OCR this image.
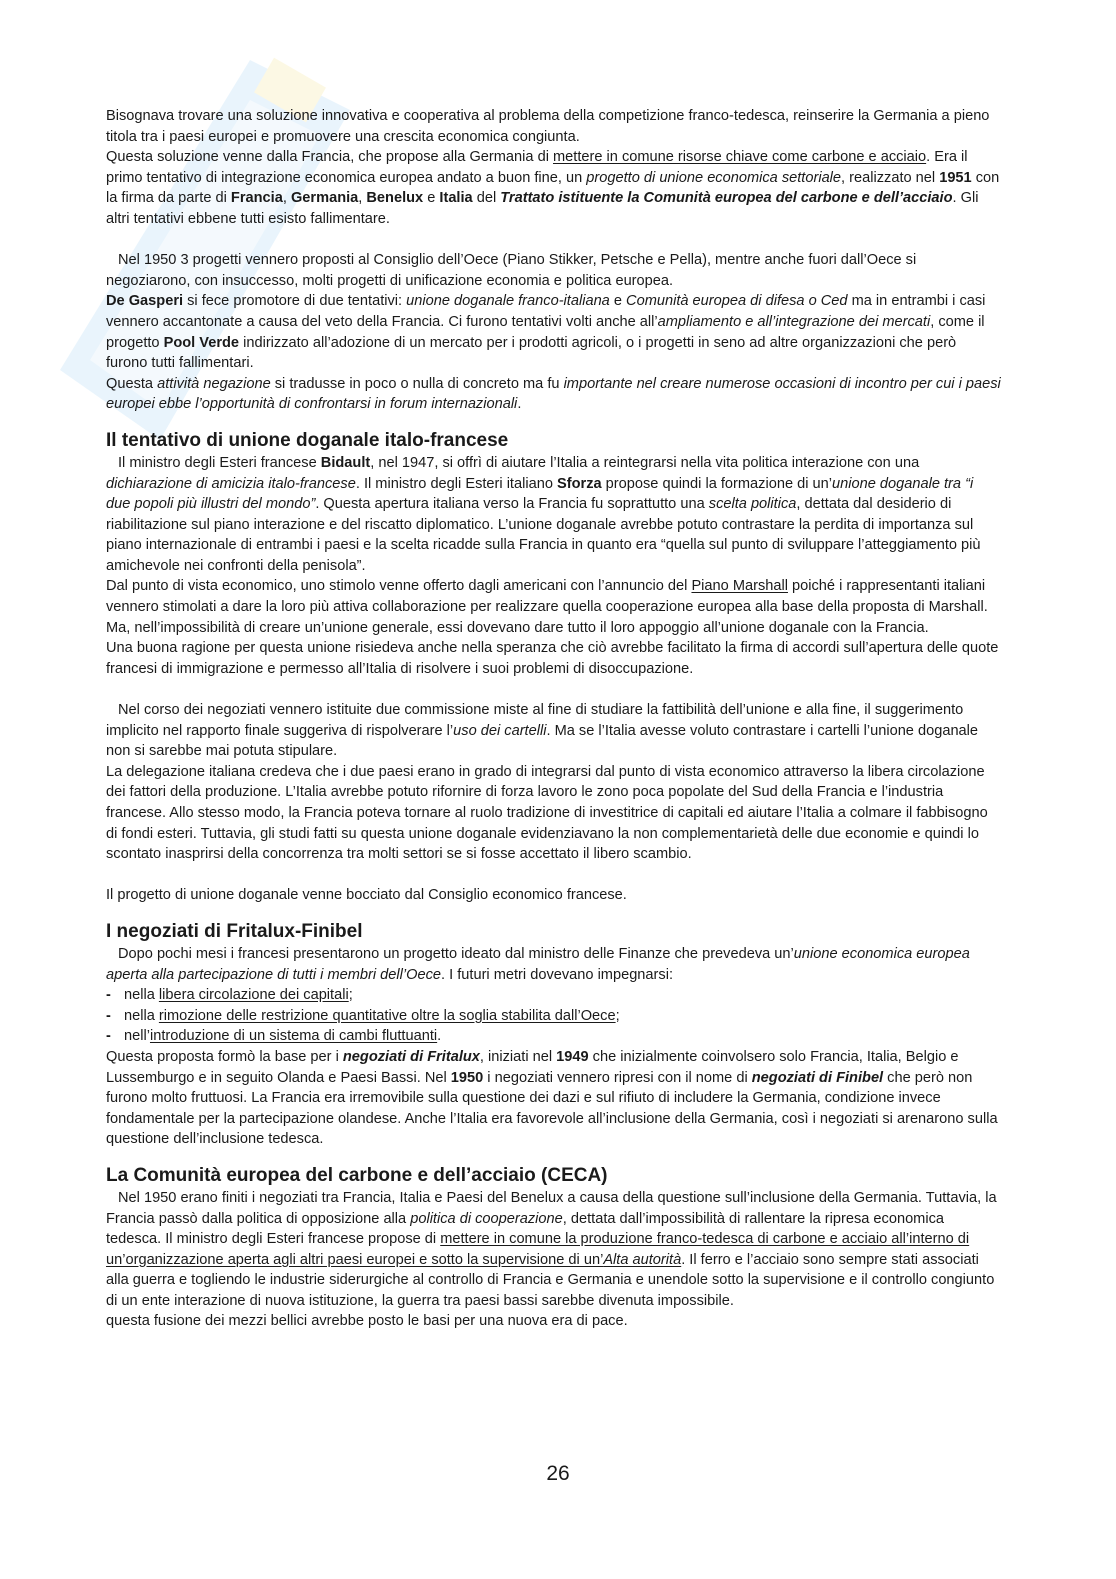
Bisognava trovare una soluzione innovativa e cooperativa al problema della competizione franco-tedesca, reinserire la Germania a pieno titola tra i paesi europei e promuovere una crescita economica congiunta.

Questa soluzione venne dalla Francia, che propose alla Germania di mettere in comune risorse chiave come carbone e acciaio. Era il primo tentativo di integrazione economica europea andato a buon fine, un progetto di unione economica settoriale, realizzato nel 1951 con la firma da parte di Francia, Germania, Benelux e Italia del Trattato istituente la Comunità europea del carbone e dell’acciaio. Gli altri tentativi ebbene tutti esisto fallimentare.

Nel 1950 3 progetti vennero proposti al Consiglio dell’Oece (Piano Stikker, Petsche e Pella), mentre anche fuori dall’Oece si negoziarono, con insuccesso, molti progetti di unificazione economia e politica europea.

De Gasperi si fece promotore di due tentativi: unione doganale franco-italiana e Comunità europea di difesa o Ced ma in entrambi i casi vennero accantonate a causa del veto della Francia. Ci furono tentativi volti anche all’ampliamento e all’integrazione dei mercati, come il progetto Pool Verde indirizzato all’adozione di un mercato per i prodotti agricoli, o i progetti in seno ad altre organizzazioni che però furono tutti fallimentari.

Questa attività negazione si tradusse in poco o nulla di concreto ma fu importante nel creare numerose occasioni di incontro per cui i paesi europei ebbe l’opportunità di confrontarsi in forum internazionali.

Il tentativo di unione doganale italo-francese

Il ministro degli Esteri francese Bidault, nel 1947, si offrì di aiutare l’Italia a reintegrarsi nella vita politica interazione con una dichiarazione di amicizia italo-francese. Il ministro degli Esteri italiano Sforza propose quindi la formazione di un’unione doganale tra “i due popoli più illustri del mondo”. Questa apertura italiana verso la Francia fu soprattutto una scelta politica, dettata dal desiderio di riabilitazione sul piano interazione e del riscatto diplomatico. L’unione doganale avrebbe potuto contrastare la perdita di importanza sul piano internazionale di entrambi i paesi e la scelta ricadde sulla Francia in quanto era “quella sul punto di sviluppare l’atteggiamento più amichevole nei confronti della penisola”.

Dal punto di vista economico, uno stimolo venne offerto dagli americani con l’annuncio del Piano Marshall poiché i rappresentanti italiani vennero stimolati a dare la loro più attiva collaborazione per realizzare quella cooperazione europea alla base della proposta di Marshall. Ma, nell’impossibilità di creare un’unione generale, essi dovevano dare tutto il loro appoggio all’unione doganale con la Francia.

Una buona ragione per questa unione risiedeva anche nella speranza che ciò avrebbe facilitato la firma di accordi sull’apertura delle quote francesi di immigrazione e permesso all’Italia di risolvere i suoi problemi di disoccupazione.

Nel corso dei negoziati vennero istituite due commissione miste al fine di studiare la fattibilità dell’unione e alla fine, il suggerimento implicito nel rapporto finale suggeriva di rispolverare l’uso dei cartelli. Ma se l’Italia avesse voluto contrastare i cartelli l’unione doganale non si sarebbe mai potuta stipulare.

La delegazione italiana credeva che i due paesi erano in grado di integrarsi dal punto di vista economico attraverso la libera circolazione dei fattori della produzione. L’Italia avrebbe potuto rifornire di forza lavoro le zono poca popolate del Sud della Francia e l’industria francese. Allo stesso modo, la Francia poteva tornare al ruolo tradizione di investitrice di capitali ed aiutare l’Italia a colmare il fabbisogno di fondi esteri. Tuttavia, gli studi fatti su questa unione doganale evidenziavano la non complementarietà delle due economie e quindi lo scontato inasprirsi della concorrenza tra molti settori se si fosse accettato il libero scambio.

Il progetto di unione doganale venne bocciato dal Consiglio economico francese.

I negoziati di Fritalux-Finibel

Dopo pochi mesi i francesi presentarono un progetto ideato dal ministro delle Finanze che prevedeva un’unione economica europea aperta alla partecipazione di tutti i membri dell’Oece. I futuri metri dovevano impegnarsi:

- nella libera circolazione dei capitali;
- nella rimozione delle restrizione quantitative oltre la soglia stabilita dall’Oece;
- nell’introduzione di un sistema di cambi fluttuanti.

Questa proposta formò la base per i negoziati di Fritalux, iniziati nel 1949 che inizialmente coinvolsero solo Francia, Italia, Belgio e Lussemburgo e in seguito Olanda e Paesi Bassi. Nel 1950 i negoziati vennero ripresi con il nome di negoziati di Finibel che però non furono molto fruttuosi. La Francia era irremovibile sulla questione dei dazi e sul rifiuto di includere la Germania, condizione invece fondamentale per la partecipazione olandese. Anche l’Italia era favorevole all’inclusione della Germania, così i negoziati si arenarono sulla questione dell’inclusione tedesca.

La Comunità europea del carbone e dell’acciaio (CECA)

Nel 1950 erano finiti i negoziati tra Francia, Italia e Paesi del Benelux a causa della questione sull’inclusione della Germania. Tuttavia, la Francia passò dalla politica di opposizione alla politica di cooperazione, dettata dall’impossibilità di rallentare la ripresa economica tedesca. Il ministro degli Esteri francese propose di mettere in comune la produzione franco-tedesca di carbone e acciaio all’interno di un’organizzazione aperta agli altri paesi europei e sotto la supervisione di un’Alta autorità. Il ferro e l’acciaio sono sempre stati associati alla guerra e togliendo le industrie siderurgiche al controllo di Francia e Germania e unendole sotto la supervisione e il controllo congiunto di un ente interazione di nuova istituzione, la guerra tra paesi bassi sarebbe divenuta impossibile.

questa fusione dei mezzi bellici avrebbe posto le basi per una nuova era di pace.

26
